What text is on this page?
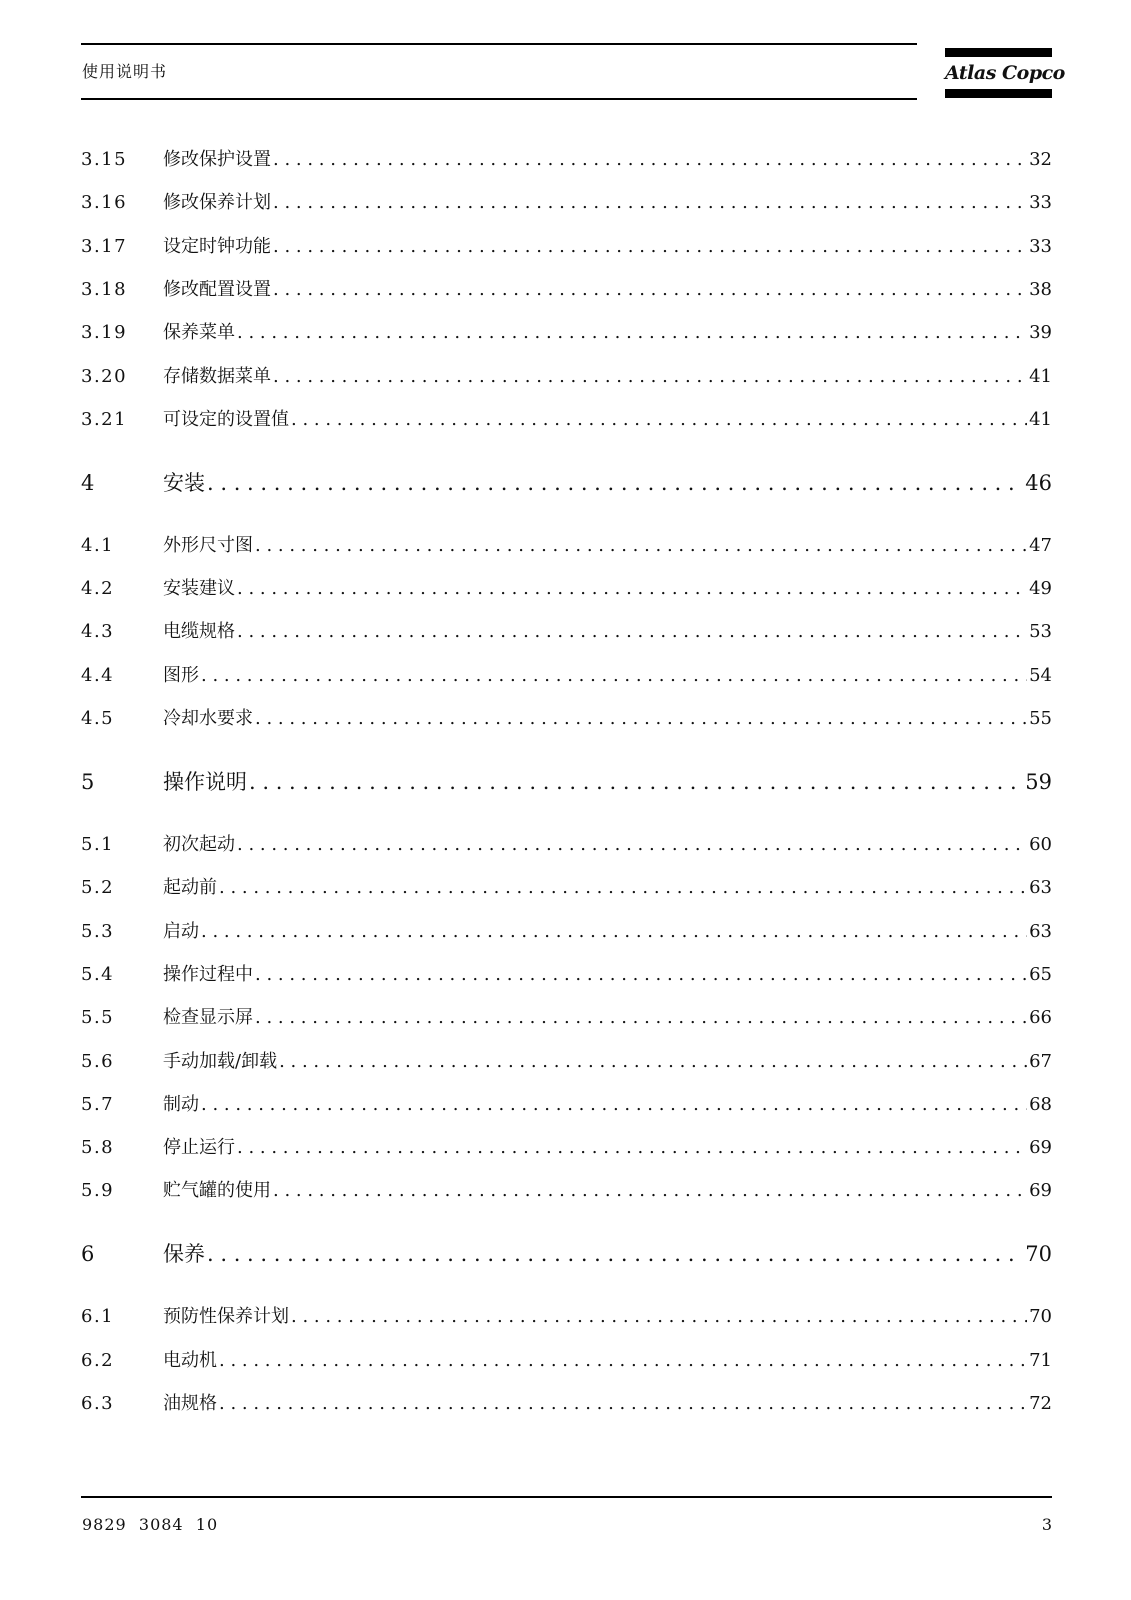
使用说明书	Atlas Copco
3.15	修改保护设置 . . .	32
3.16	修改保养计划 . . .	33
3.17	设定时钟功能 . . .	33
3.18	修改配置设置 . . .	38
3.19	保养菜单 . . .	39
3.20	存储数据菜单 . . .	41
3.21	可设定的设置值 . . .	41
4	安装 . . .	46
4.1	外形尺寸图 . . .	47
4.2	安装建议 . . .	49
4.3	电缆规格 . . .	53
4.4	图形 . . .	54
4.5	冷却水要求 . . .	55
5	操作说明 . . .	59
5.1	初次起动 . . .	60
5.2	起动前 . . .	63
5.3	启动 . . .	63
5.4	操作过程中 . . .	65
5.5	检查显示屏 . . .	66
5.6	手动加载/卸载 . . .	67
5.7	制动 . . .	68
5.8	停止运行 . . .	69
5.9	贮气罐的使用 . . .	69
6	保养 . . .	70
6.1	预防性保养计划 . . .	70
6.2	电动机 . . .	71
6.3	油规格 . . .	72
9829  3084  10	3
